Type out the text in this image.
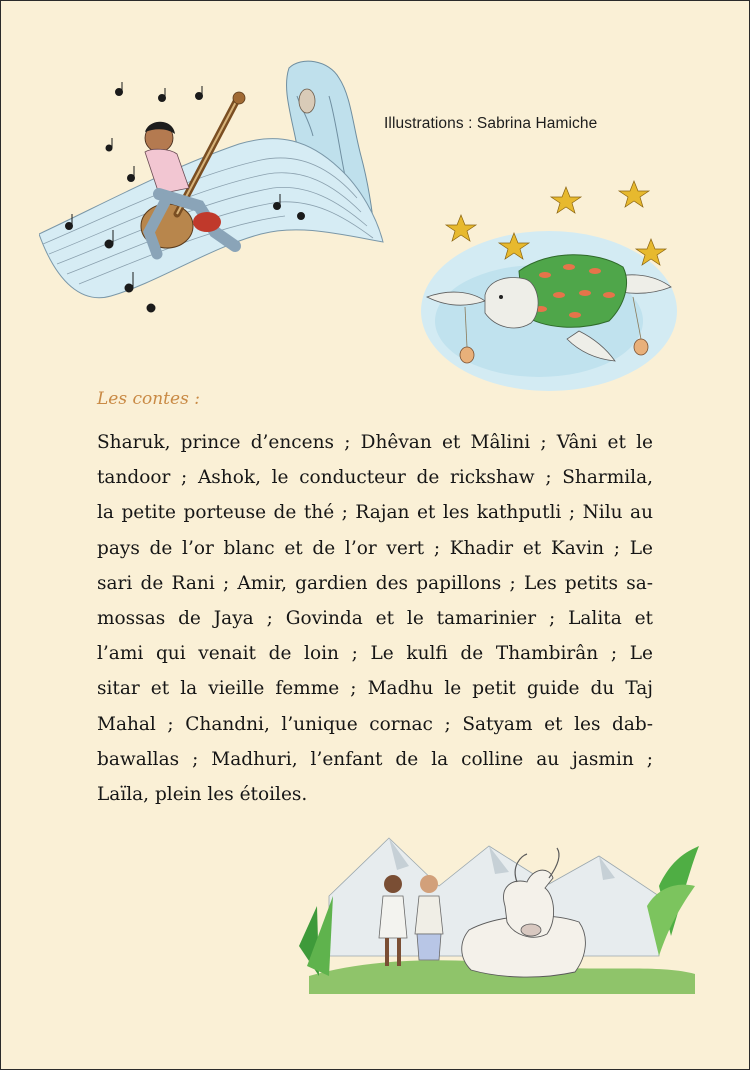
Illustrations : Sabrina Hamiche
Les contes :
Sharuk, prince d’encens ; Dhêvan et Mâlini ; Vâni et le
tandoor ; Ashok, le conducteur de rickshaw ; Sharmila,
la petite porteuse de thé ; Rajan et les kathputli ; Nilu au
pays de l’or blanc et de l’or vert ; Khadir et Kavin ; Le
sari de Rani ; Amir, gardien des papillons ; Les petits sa-
mossas de Jaya ; Govinda et le tamarinier ; Lalita et
l’ami qui venait de loin ; Le kulfi de Thambirân ; Le
sitar et la vieille femme ; Madhu le petit guide du Taj
Mahal ; Chandni, l’unique cornac ; Satyam et les dab-
bawallas ; Madhuri, l’enfant de la colline au jasmin ;
Laïla, plein les étoiles.
